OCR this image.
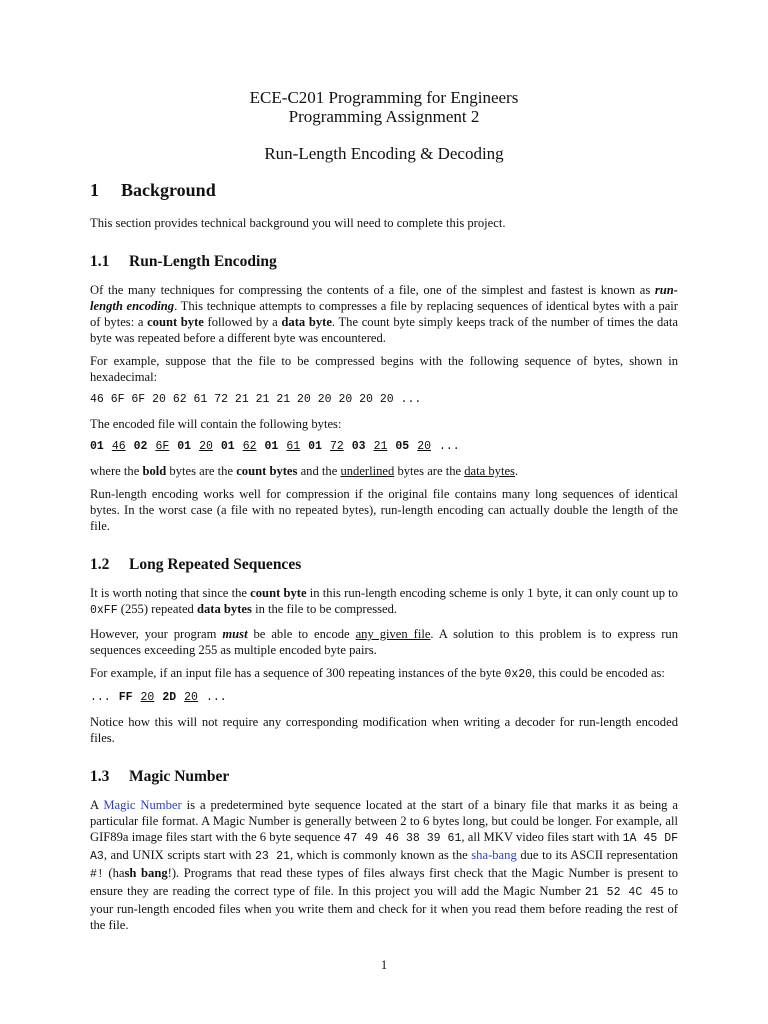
ECE-C201 Programming for Engineers

Programming Assignment 2

Run-Length Encoding & Decoding

1 Background

This section provides technical background you will need to complete this project.

1.1 Run-Length Encoding

Of the many techniques for compressing the contents of a file, one of the simplest and fastest is known as run-length encoding. This technique attempts to compresses a file by replacing sequences of identical bytes with a pair of bytes: a count byte followed by a data byte. The count byte simply keeps track of the number of times the data byte was repeated before a different byte was encountered.

For example, suppose that the file to be compressed begins with the following sequence of bytes, shown in hexadecimal:

46 6F 6F 20 62 61 72 21 21 21 20 20 20 20 20 ...

The encoded file will contain the following bytes:

01 46 02 6F 01 20 01 62 01 61 01 72 03 21 05 20 ...

where the bold bytes are the count bytes and the underlined bytes are the data bytes.

Run-length encoding works well for compression if the original file contains many long sequences of identical bytes. In the worst case (a file with no repeated bytes), run-length encoding can actually double the length of the file.

1.2 Long Repeated Sequences

It is worth noting that since the count byte in this run-length encoding scheme is only 1 byte, it can only count up to 0xFF (255) repeated data bytes in the file to be compressed.

However, your program must be able to encode any given file. A solution to this problem is to express run sequences exceeding 255 as multiple encoded byte pairs.

For example, if an input file has a sequence of 300 repeating instances of the byte 0x20, this could be encoded as:

... FF 20 2D 20 ...

Notice how this will not require any corresponding modification when writing a decoder for run-length encoded files.

1.3 Magic Number

A Magic Number is a predetermined byte sequence located at the start of a binary file that marks it as being a particular file format. A Magic Number is generally between 2 to 6 bytes long, but could be longer. For example, all GIF89a image files start with the 6 byte sequence 47 49 46 38 39 61, all MKV video files start with 1A 45 DF A3, and UNIX scripts start with 23 21, which is commonly known as the sha-bang due to its ASCII representation #! (hash bang!). Programs that read these types of files always first check that the Magic Number is present to ensure they are reading the correct type of file. In this project you will add the Magic Number 21 52 4C 45 to your run-length encoded files when you write them and check for it when you read them before reading the rest of the file.

1
